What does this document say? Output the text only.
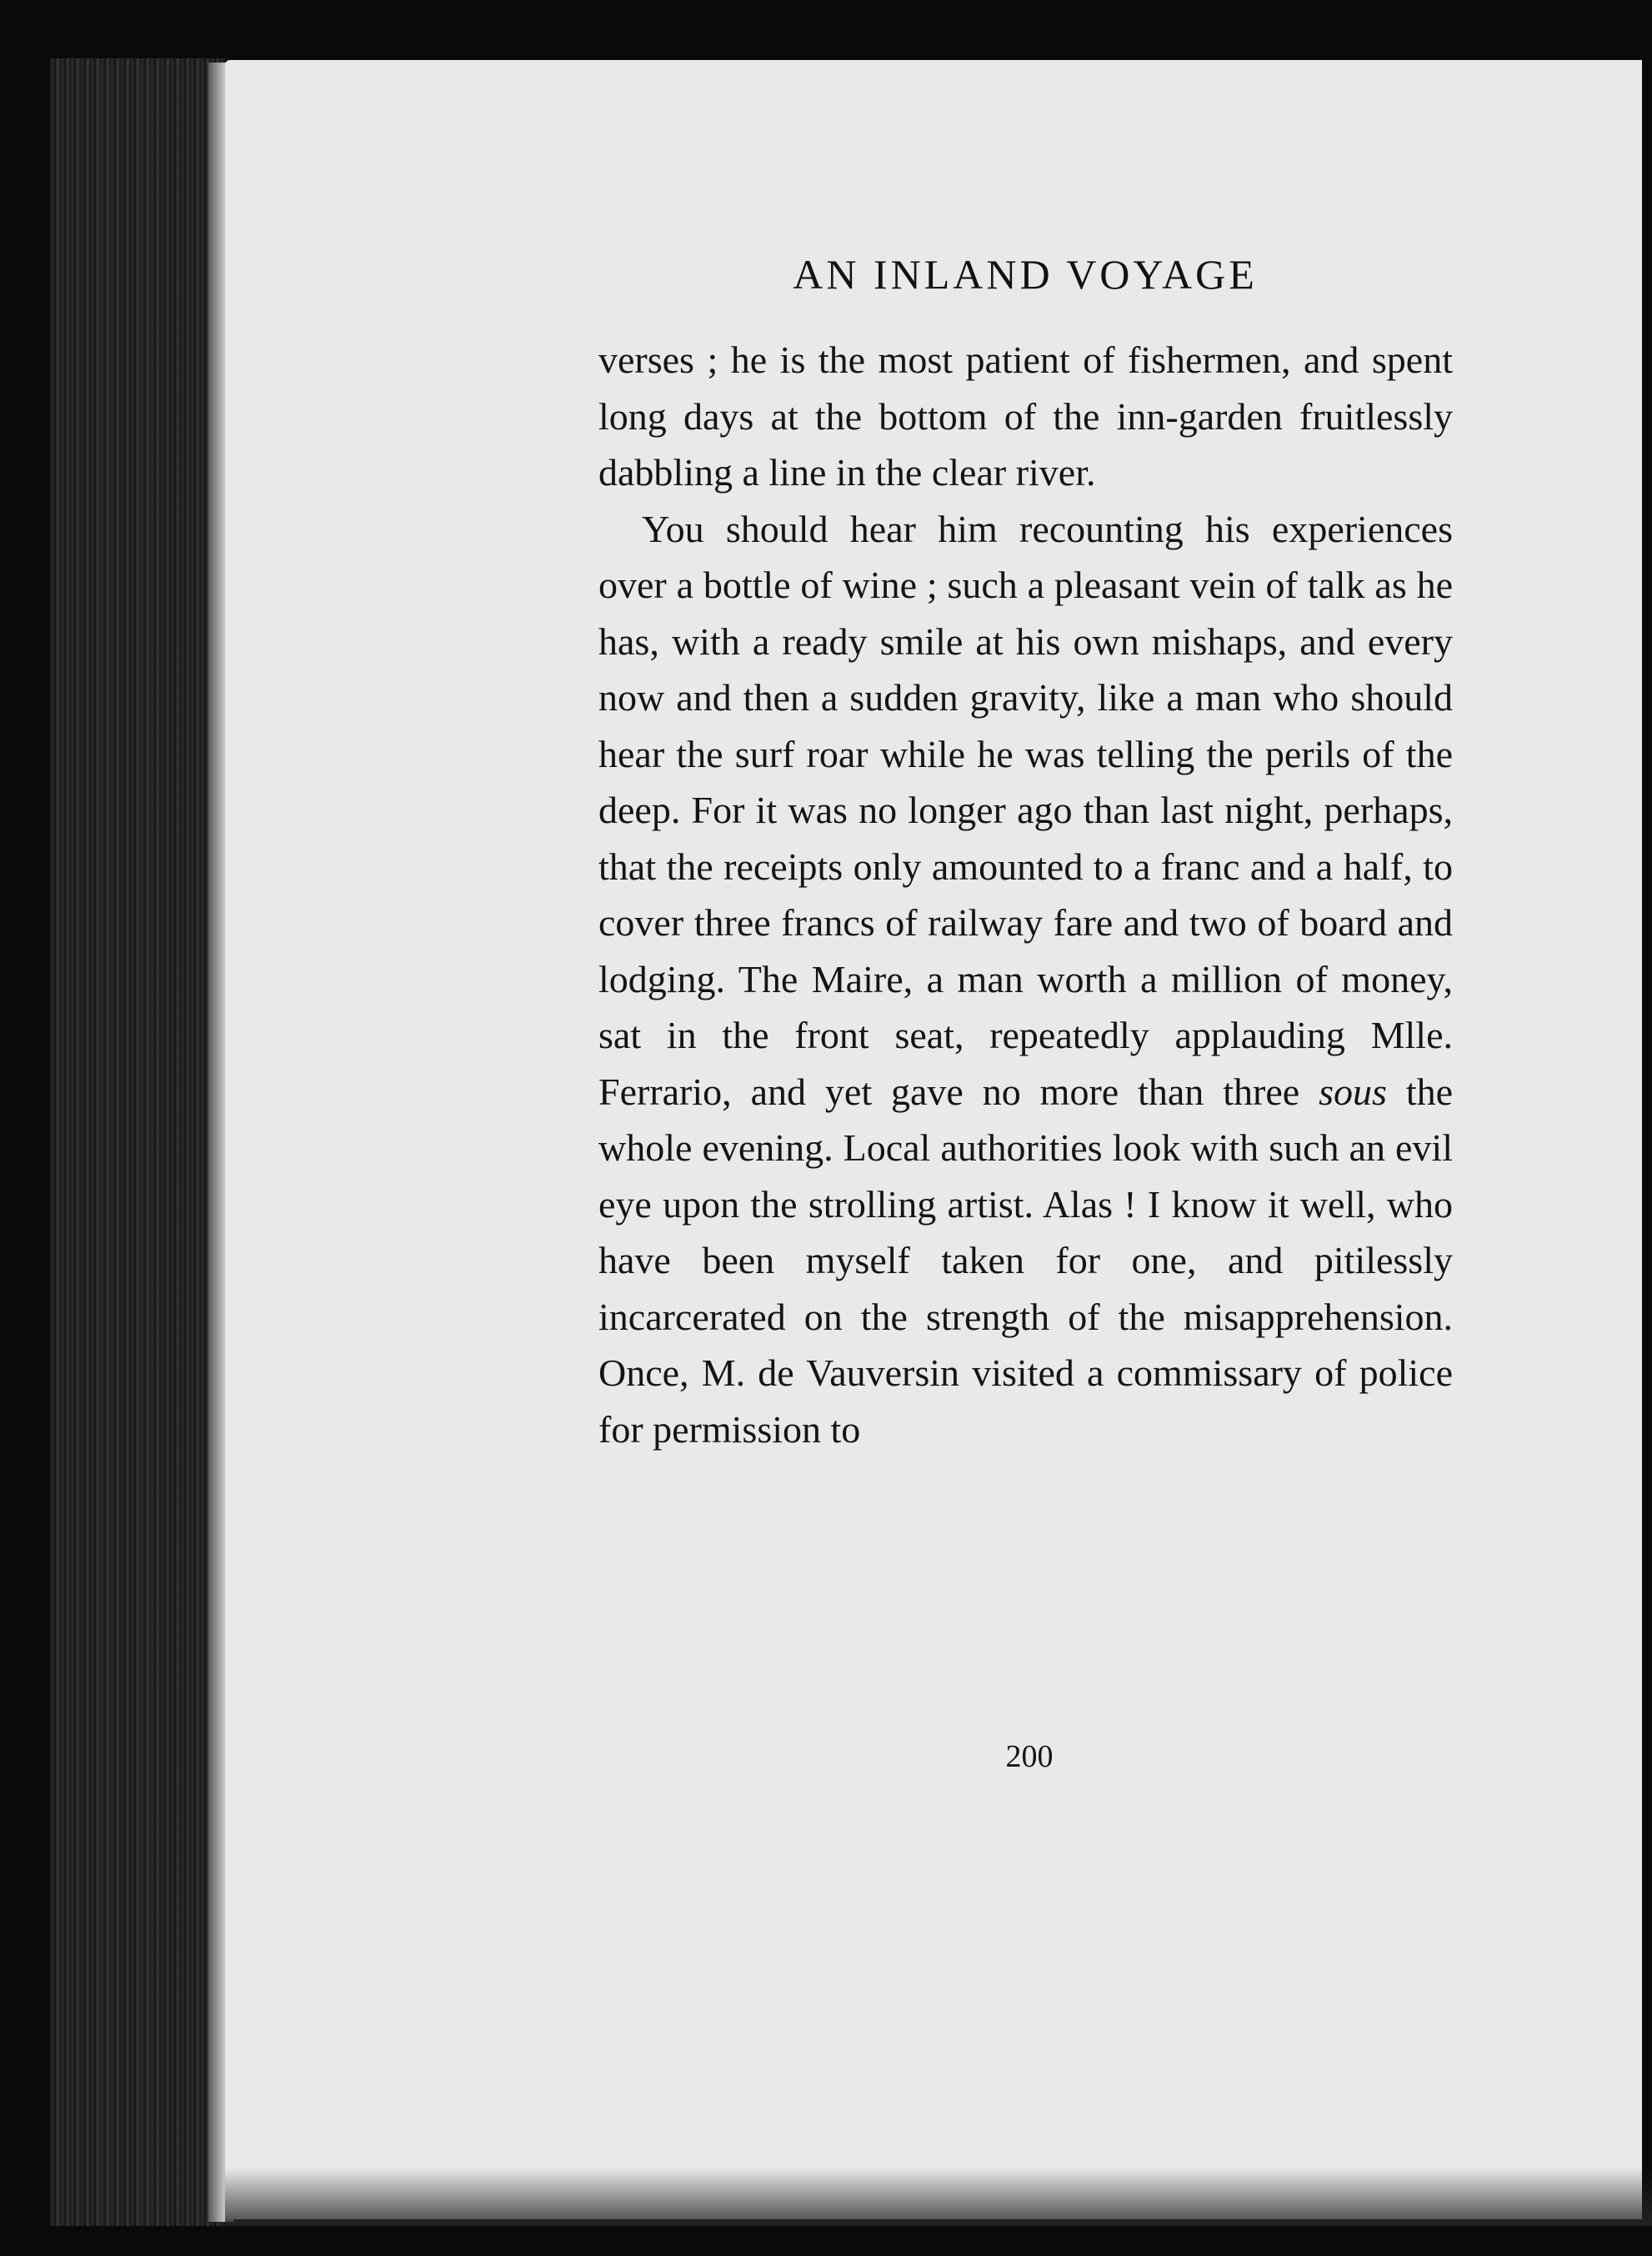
AN INLAND VOYAGE

verses ; he is the most patient of fishermen, and spent long days at the bottom of the inn-garden fruitlessly dabbling a line in the clear river.

You should hear him recounting his experiences over a bottle of wine ; such a pleasant vein of talk as he has, with a ready smile at his own mishaps, and every now and then a sudden gravity, like a man who should hear the surf roar while he was telling the perils of the deep. For it was no longer ago than last night, perhaps, that the receipts only amounted to a franc and a half, to cover three francs of railway fare and two of board and lodging. The Maire, a man worth a million of money, sat in the front seat, repeatedly applauding Mlle. Ferrario, and yet gave no more than three sous the whole evening. Local authorities look with such an evil eye upon the strolling artist. Alas ! I know it well, who have been myself taken for one, and pitilessly incarcerated on the strength of the misapprehension. Once, M. de Vauversin visited a commissary of police for permission to

200
